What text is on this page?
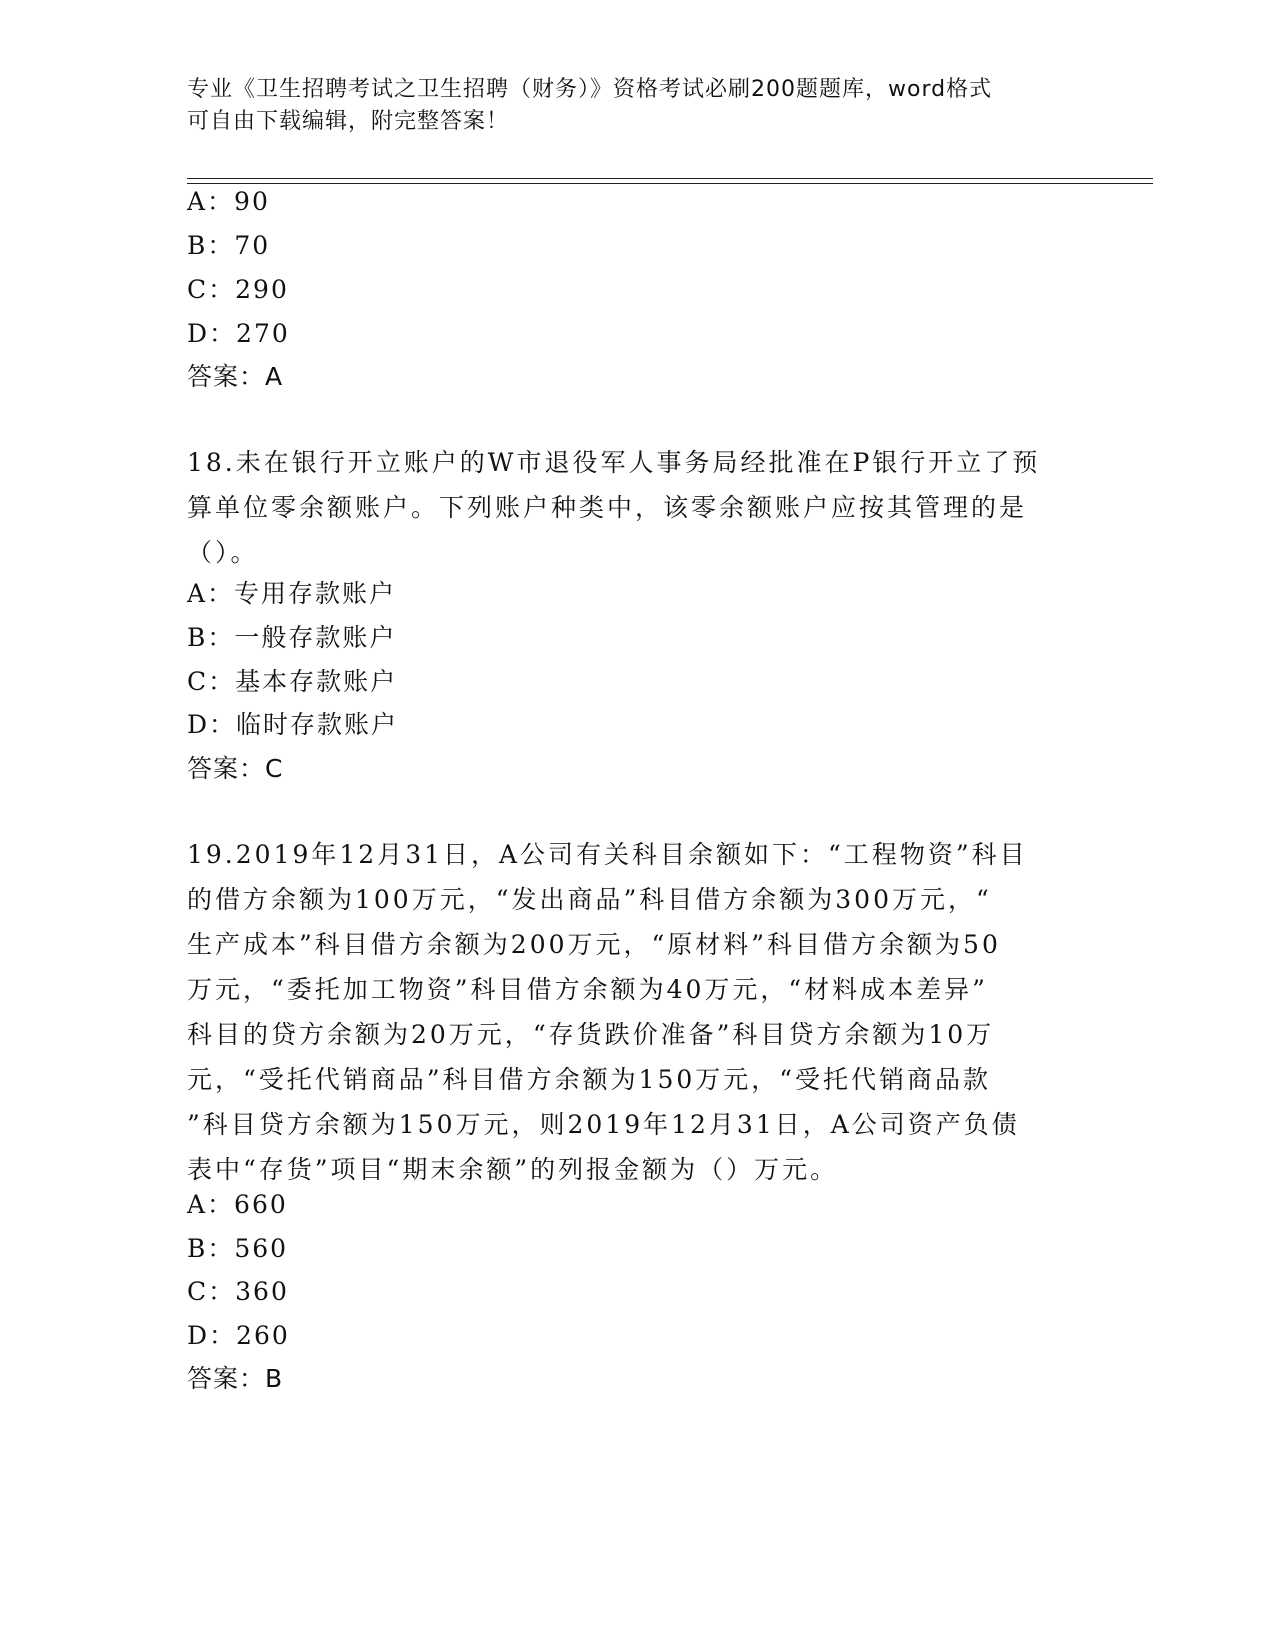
专业《卫生招聘考试之卫生招聘（财务）》资格考试必刷200题题库，word格式
可自由下载编辑，附完整答案！
A：90
B：70
C：290
D：270
答案：A
18.未在银行开立账户的W市退役军人事务局经批准在P银行开立了预
算单位零余额账户。下列账户种类中，该零余额账户应按其管理的是
（）。
A：专用存款账户
B：一般存款账户
C：基本存款账户
D：临时存款账户
答案：C
19.2019年12月31日，A公司有关科目余额如下：“工程物资”科目
的借方余额为100万元，“发出商品”科目借方余额为300万元，“
生产成本”科目借方余额为200万元，“原材料”科目借方余额为50
万元，“委托加工物资”科目借方余额为40万元，“材料成本差异”
科目的贷方余额为20万元，“存货跌价准备”科目贷方余额为10万
元，“受托代销商品”科目借方余额为150万元，“受托代销商品款
”科目贷方余额为150万元，则2019年12月31日，A公司资产负债
表中“存货”项目“期末余额”的列报金额为（）万元。
A：660
B：560
C：360
D：260
答案：B
